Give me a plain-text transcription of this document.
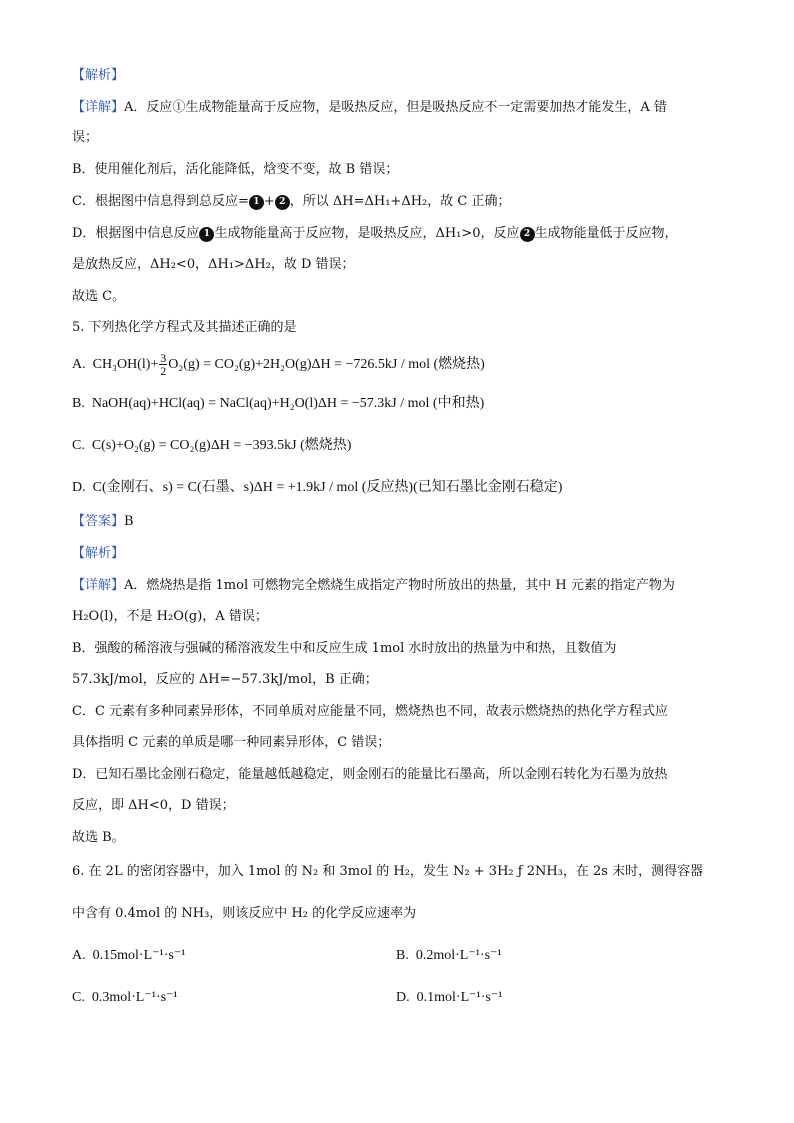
【解析】
【详解】A．反应①生成物能量高于反应物，是吸热反应，但是吸热反应不一定需要加热才能发生，A 错
误；
B．使用催化剂后，活化能降低，焓变不变，故 B 错误；
C．根据图中信息得到总反应= 1 + 2 ，所以 ΔH=ΔH₁+ΔH₂，故 C 正确；
D．根据图中信息反应 1 生成物能量高于反应物，是吸热反应，ΔH₁>0，反应 2 生成物能量低于反应物，
是放热反应，ΔH₂<0，ΔH₁>ΔH₂，故 D 错误；
故选 C。
5. 下列热化学方程式及其描述正确的是
A. $CH_3OH(l)+ \frac{3}{2} O_2(g) = CO_2(g)+2H_2O(g)\Delta H = -726.5kJ$ / mol (燃烧热)
B. NaOH(aq)+HCl(aq) = NaCl(aq)+H₂O(l)ΔH = −57.3kJ / mol (中和热)
C. C(s)+O₂(g) = CO₂(g)ΔH = −393.5kJ (燃烧热)
D. C(金刚石、s) = C(石墨、s)ΔH = +1.9kJ / mol (反应热)(已知石墨比金刚石稳定)
【答案】B
【解析】
【详解】A．燃烧热是指 1mol 可燃物完全燃烧生成指定产物时所放出的热量，其中 H 元素的指定产物为
H₂O(l)，不是 H₂O(g)，A 错误；
B．强酸的稀溶液与强碱的稀溶液发生中和反应生成 1mol 水时放出的热量为中和热，且数值为
57.3kJ/mol，反应的 ΔH=−57.3kJ/mol，B 正确；
C．C 元素有多种同素异形体，不同单质对应能量不同，燃烧热也不同，故表示燃烧热的热化学方程式应
具体指明 C 元素的单质是哪一种同素异形体，C 错误；
D．已知石墨比金刚石稳定，能量越低越稳定，则金刚石的能量比石墨高，所以金刚石转化为石墨为放热
反应，即 ΔH<0，D 错误；
故选 B。
6. 在 2L 的密闭容器中，加入 1mol 的 N₂ 和 3mol 的 H₂，发生 N₂ + 3H₂ ƒ 2NH₃，在 2s 末时，测得容器
中含有 0.4mol 的 NH₃，则该反应中 H₂ 的化学反应速率为
A. 0.15mol·L⁻¹·s⁻¹	B. 0.2mol·L⁻¹·s⁻¹
C. 0.3mol·L⁻¹·s⁻¹	D. 0.1mol·L⁻¹·s⁻¹
